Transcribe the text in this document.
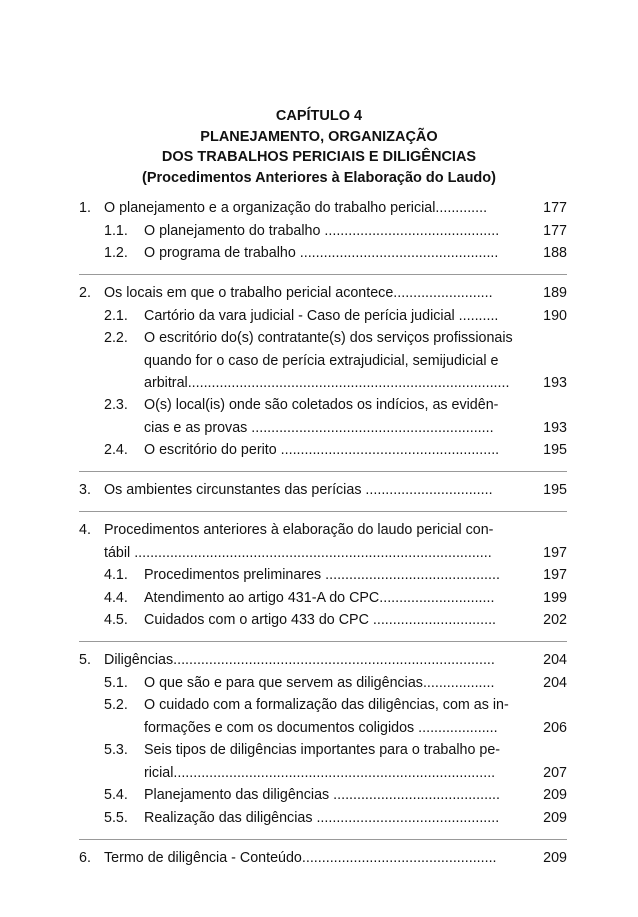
CAPÍTULO 4
PLANEJAMENTO, ORGANIZAÇÃO
DOS TRABALHOS PERICIAIS E DILIGÊNCIAS
(Procedimentos Anteriores à Elaboração do Laudo)
1. O planejamento e a organização do trabalho pericial.............	177
1.1. O planejamento do trabalho ............................................	177
1.2. O programa de trabalho ..................................................	188
2. Os locais em que o trabalho pericial acontece.........................	189
2.1. Cartório da vara judicial - Caso de perícia judicial ..........	190
2.2. O escritório do(s) contratante(s) dos serviços profissionais
quando for o caso de perícia extrajudicial, semijudicial e
arbitral................................................................................. 193
2.3. O(s) local(is) onde são coletados os indícios, as evidên-
cias e as provas .............................................................	193
2.4. O escritório do perito .......................................................	195
3. Os ambientes circunstantes das perícias ................................	195
4. Procedimentos anteriores à elaboração do laudo pericial con-
tábil ..........................................................................................	197
4.1. Procedimentos preliminares ............................................	197
4.4. Atendimento ao artigo 431-A do CPC.............................	199
4.5. Cuidados com o artigo 433 do CPC ...............................	202
5. Diligências.................................................................................	204
5.1. O que são e para que servem as diligências..................	204
5.2. O cuidado com a formalização das diligências, com as in-
formações e com os documentos coligidos ....................	206
5.3. Seis tipos de diligências importantes para o trabalho pe-
ricial.................................................................................	207
5.4. Planejamento das diligências ..........................................	209
5.5. Realização das diligências ..............................................	209
6. Termo de diligência - Conteúdo.................................................	209
